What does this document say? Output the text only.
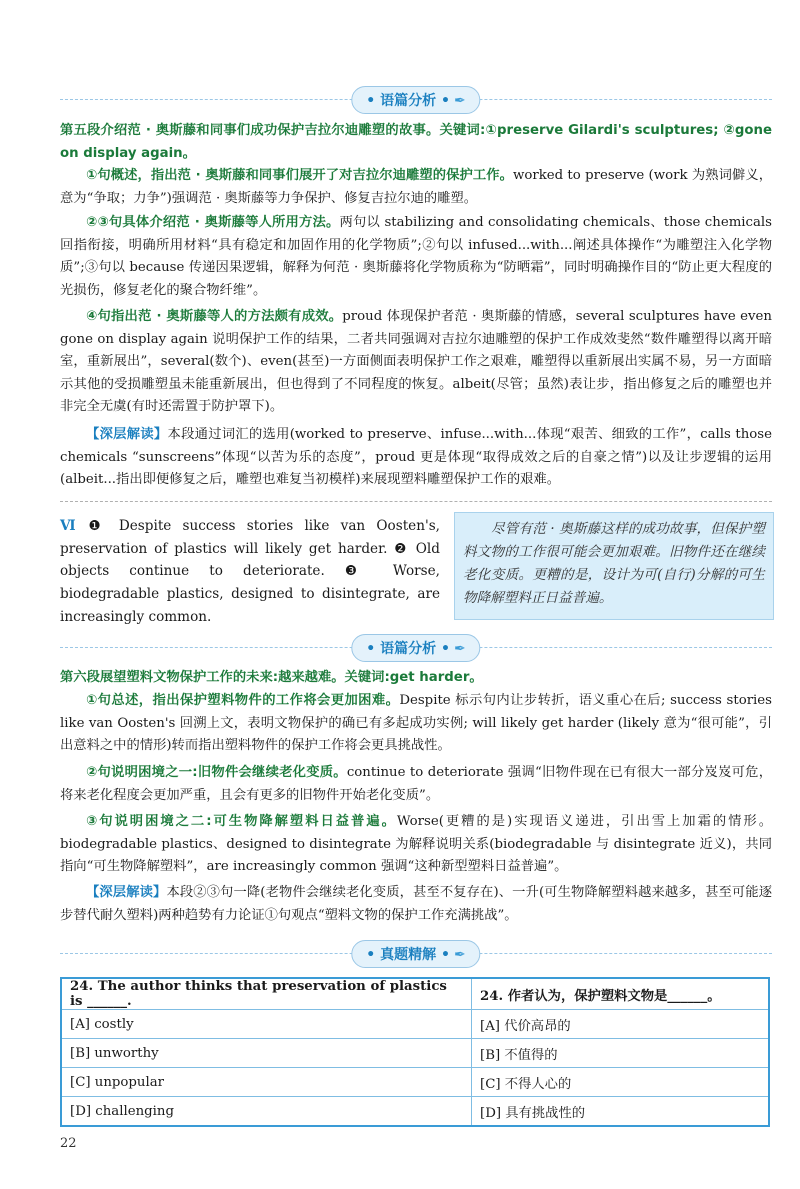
• 语篇分析 • ✒

第五段介绍范 · 奥斯藤和同事们成功保护吉拉尔迪雕塑的故事。关键词:①preserve Gilardi's sculptures; ②gone on display again。

①句概述，指出范 · 奥斯藤和同事们展开了对吉拉尔迪雕塑的保护工作。worked to preserve (work 为熟词僻义，意为“争取；力争”)强调范 · 奥斯藤等力争保护、修复吉拉尔迪的雕塑。

②③句具体介绍范 · 奥斯藤等人所用方法。两句以 stabilizing and consolidating chemicals、those chemicals 回指衔接，明确所用材料“具有稳定和加固作用的化学物质”;②句以 infused...with...阐述具体操作“为雕塑注入化学物质”;③句以 because 传递因果逻辑，解释为何范 · 奥斯藤将化学物质称为“防晒霜”，同时明确操作目的“防止更大程度的光损伤，修复老化的聚合物纤维”。

④句指出范 · 奥斯藤等人的方法颇有成效。proud 体现保护者范 · 奥斯藤的情感，several sculptures have even gone on display again 说明保护工作的结果，二者共同强调对吉拉尔迪雕塑的保护工作成效斐然“数件雕塑得以离开暗室，重新展出”，several(数个)、even(甚至)一方面侧面表明保护工作之艰难，雕塑得以重新展出实属不易，另一方面暗示其他的受损雕塑虽未能重新展出，但也得到了不同程度的恢复。albeit(尽管；虽然)表让步，指出修复之后的雕塑也并非完全无虞(有时还需置于防护罩下)。

【深层解读】本段通过词汇的选用(worked to preserve、infuse...with...体现“艰苦、细致的工作”，calls those chemicals “sunscreens”体现“以苦为乐的态度”，proud 更是体现“取得成效之后的自豪之情”)以及让步逻辑的运用(albeit...指出即便修复之后，雕塑也难复当初模样)来展现塑料雕塑保护工作的艰难。

Ⅵ ❶ Despite success stories like van Oosten's, preservation of plastics will likely get harder. ❷ Old objects continue to deteriorate. ❸ Worse, biodegradable plastics, designed to disintegrate, are increasingly common.
尽管有范 · 奥斯藤这样的成功故事，但保护塑料文物的工作很可能会更加艰难。旧物件还在继续老化变质。更糟的是，设计为可(自行)分解的可生物降解塑料正日益普遍。
• 语篇分析 • ✒

第六段展望塑料文物保护工作的未来:越来越难。关键词:get harder。

①句总述，指出保护塑料物件的工作将会更加困难。Despite 标示句内让步转折，语义重心在后; success stories like van Oosten's 回溯上文，表明文物保护的确已有多起成功实例; will likely get harder (likely 意为“很可能”，引出意料之中的情形)转而指出塑料物件的保护工作将会更具挑战性。

②句说明困境之一:旧物件会继续老化变质。continue to deteriorate 强调“旧物件现在已有很大一部分岌岌可危，将来老化程度会更加严重，且会有更多的旧物件开始老化变质”。

③句说明困境之二:可生物降解塑料日益普遍。Worse(更糟的是)实现语义递进，引出雪上加霜的情形。biodegradable plastics、designed to disintegrate 为解释说明关系(biodegradable 与 disintegrate 近义)，共同指向“可生物降解塑料”，are increasingly common 强调“这种新型塑料日益普遍”。

【深层解读】本段②③句一降(老物件会继续老化变质，甚至不复存在)、一升(可生物降解塑料越来越多，甚至可能逐步替代耐久塑料)两种趋势有力论证①句观点“塑料文物的保护工作充满挑战”。

• 真题精解 • ✒
24. The author thinks that preservation of plastics is ______.	24. 作者认为，保护塑料文物是______。
[A] costly	[A] 代价高昂的
[B] unworthy	[B] 不值得的
[C] unpopular	[C] 不得人心的
[D] challenging	[D] 具有挑战性的
22
